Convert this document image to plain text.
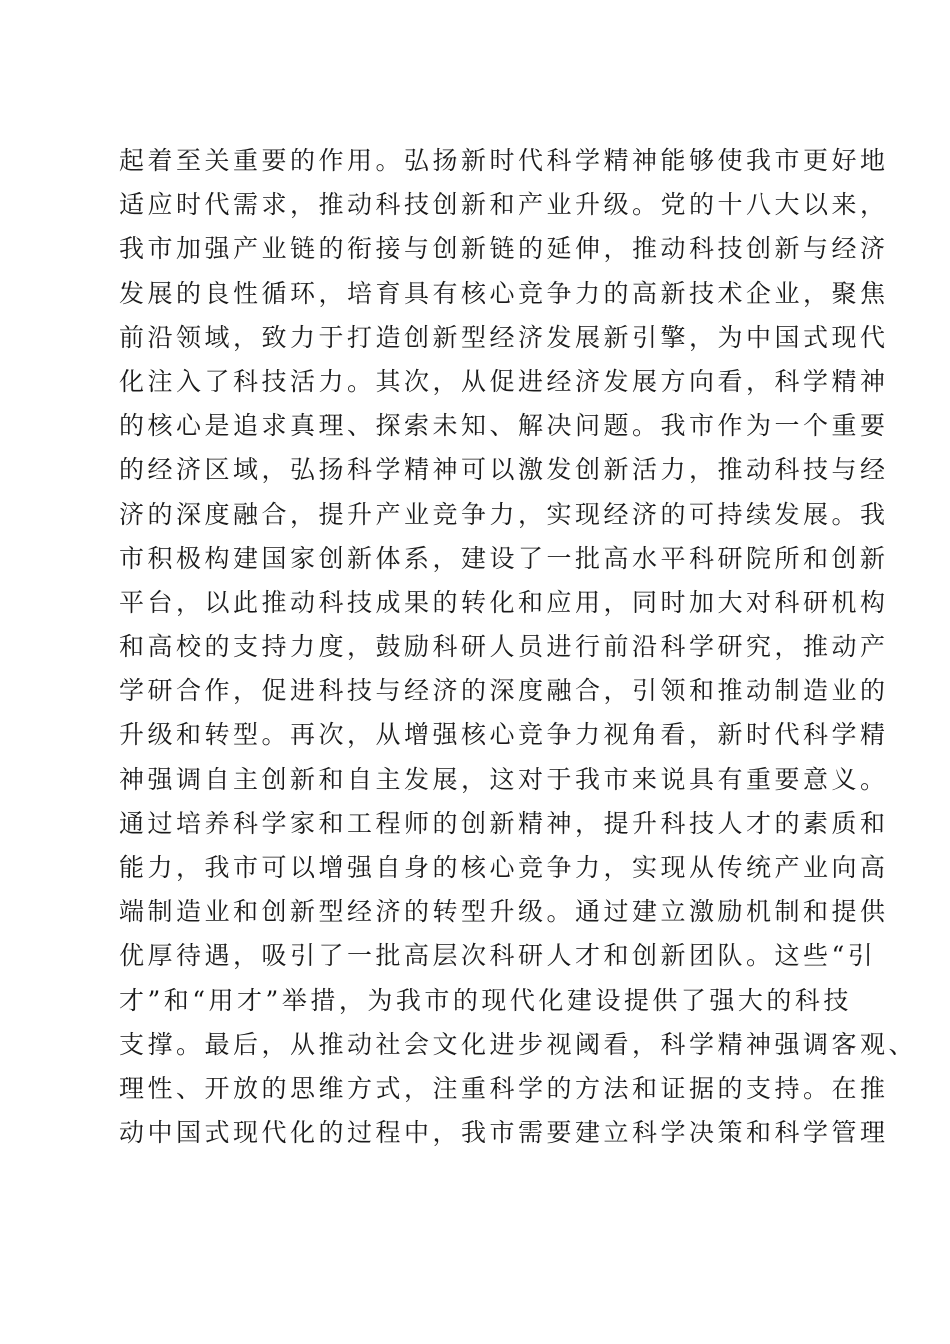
起着至关重要的作用。弘扬新时代科学精神能够使我市更好地
适应时代需求，推动科技创新和产业升级。党的十八大以来，
我市加强产业链的衔接与创新链的延伸，推动科技创新与经济
发展的良性循环，培育具有核心竞争力的高新技术企业，聚焦
前沿领域，致力于打造创新型经济发展新引擎，为中国式现代
化注入了科技活力。其次，从促进经济发展方向看，科学精神
的核心是追求真理、探索未知、解决问题。我市作为一个重要
的经济区域，弘扬科学精神可以激发创新活力，推动科技与经
济的深度融合，提升产业竞争力，实现经济的可持续发展。我
市积极构建国家创新体系，建设了一批高水平科研院所和创新
平台，以此推动科技成果的转化和应用，同时加大对科研机构
和高校的支持力度，鼓励科研人员进行前沿科学研究，推动产
学研合作，促进科技与经济的深度融合，引领和推动制造业的
升级和转型。再次，从增强核心竞争力视角看，新时代科学精
神强调自主创新和自主发展，这对于我市来说具有重要意义。
通过培养科学家和工程师的创新精神，提升科技人才的素质和
能力，我市可以增强自身的核心竞争力，实现从传统产业向高
端制造业和创新型经济的转型升级。通过建立激励机制和提供
优厚待遇，吸引了一批高层次科研人才和创新团队。这些“引
才”和“用才”举措，为我市的现代化建设提供了强大的科技
支撑。最后，从推动社会文化进步视阈看，科学精神强调客观、
理性、开放的思维方式，注重科学的方法和证据的支持。在推
动中国式现代化的过程中，我市需要建立科学决策和科学管理
